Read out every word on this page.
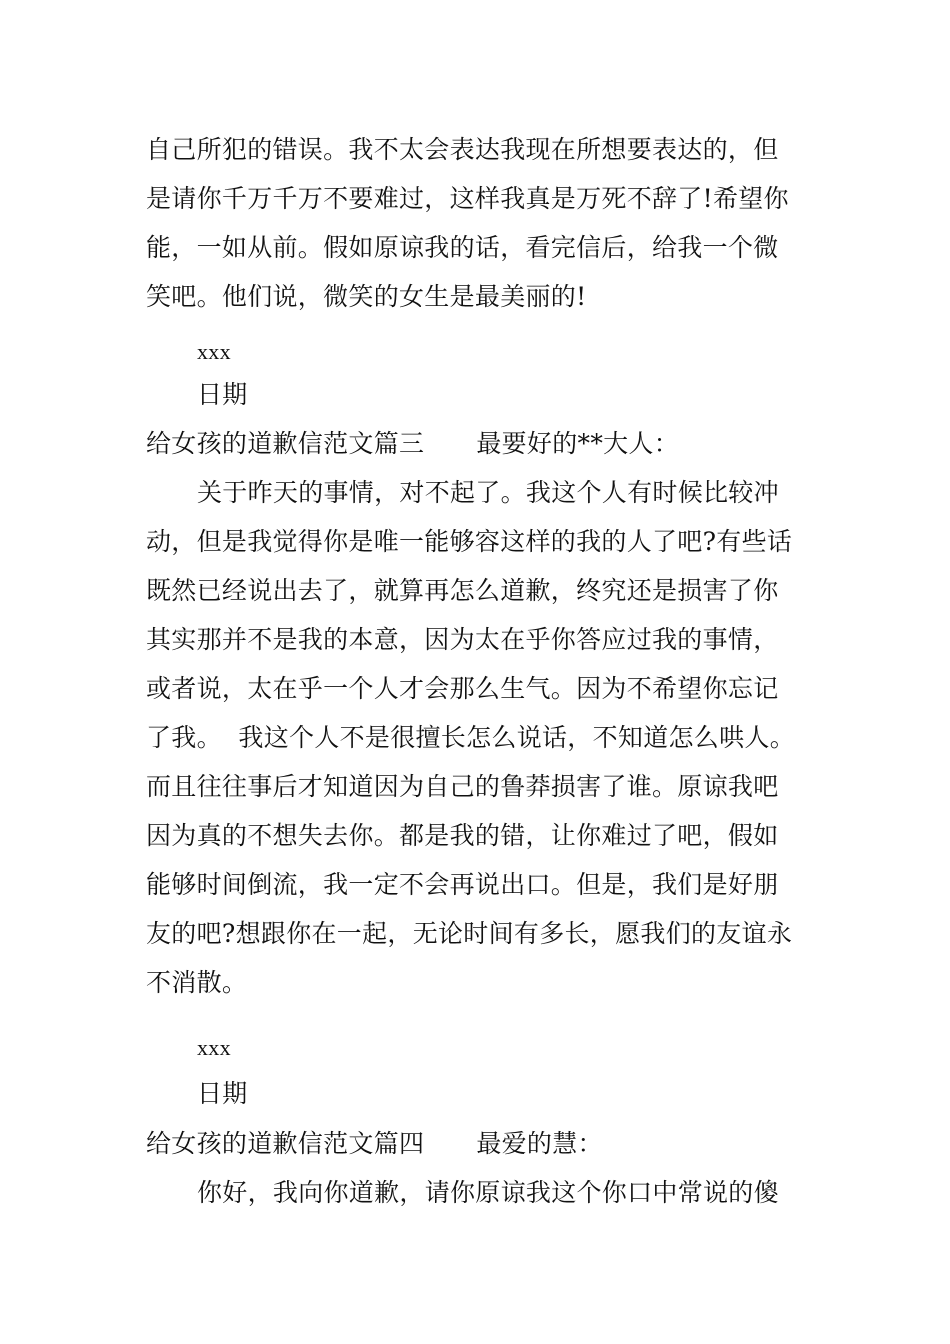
自己所犯的错误。我不太会表达我现在所想要表达的，但
是请你千万千万不要难过，这样我真是万死不辞了!希望你
能，一如从前。假如原谅我的话，看完信后，给我一个微
笑吧。他们说，微笑的女生是最美丽的!
xxx
日期
给女孩的道歉信范文篇三 最要好的**大人：
关于昨天的事情，对不起了。我这个人有时候比较冲
动，但是我觉得你是唯一能够容这样的我的人了吧?有些话
既然已经说出去了，就算再怎么道歉，终究还是损害了你
其实那并不是我的本意，因为太在乎你答应过我的事情，
或者说，太在乎一个人才会那么生气。因为不希望你忘记
了我。  我这个人不是很擅长怎么说话，不知道怎么哄人。
而且往往事后才知道因为自己的鲁莽损害了谁。原谅我吧
因为真的不想失去你。都是我的错，让你难过了吧，假如
能够时间倒流，我一定不会再说出口。但是，我们是好朋
友的吧?想跟你在一起，无论时间有多长，愿我们的友谊永
不消散。
xxx
日期
给女孩的道歉信范文篇四 最爱的慧：
你好，我向你道歉，请你原谅我这个你口中常说的傻
